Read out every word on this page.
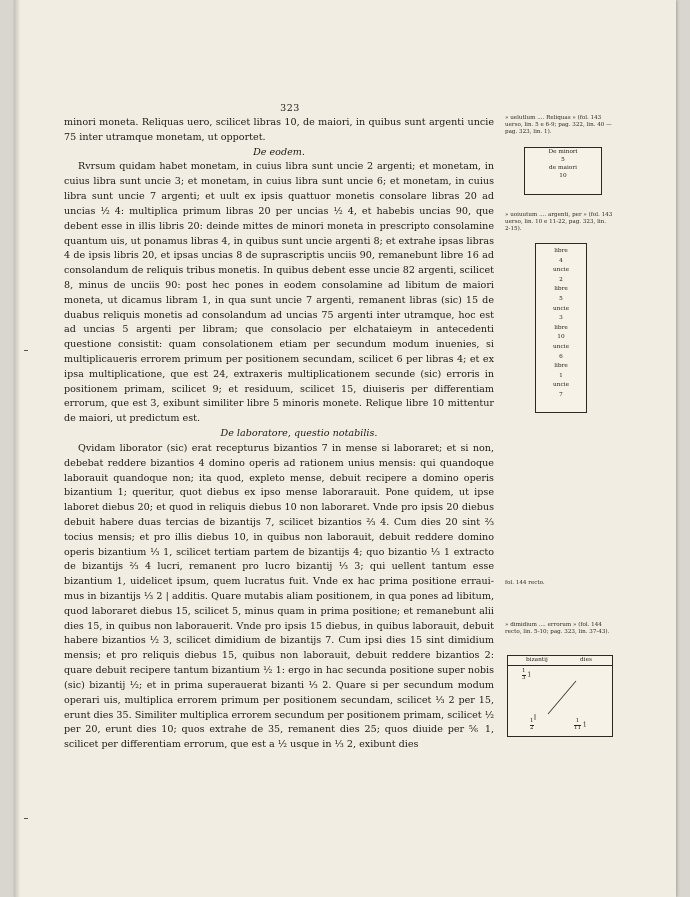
323

minori moneta. Reliquas uero, scilicet libras 10, de maiori, in quibus sunt argenti uncie 75 inter utramque monetam, ut opportet.

De eodem.

Rvrsum quidam habet monetam, in cuius libra sunt uncie 2 argenti; et monetam, in cuius libra sunt uncie 3; et monetam, in cuius libra sunt uncie 6; et monetam, in cuius libra sunt uncie 7 argenti; et uult ex ipsis quattuor monetis consolare libras 20 ad uncias ½ 4: multiplica primum libras 20 per uncias ½ 4, et habebis uncias 90, que debent esse in illis libris 20: deinde mittes de minori moneta in prescripto consolamine quantum uis, ut ponamus libras 4, in quibus sunt uncie argenti 8; et extrahe ipsas libras 4 de ipsis libris 20, et ipsas uncias 8 de suprascriptis unciis 90, remanebunt libre 16 ad consolandum de reliquis tribus monetis. In quibus debent esse uncie 82 argenti, scilicet 8, minus de unciis 90: post hec pones in eodem consolamine ad libitum de maiori moneta, ut dicamus libram 1, in qua sunt uncie 7 argenti, remanent libras (sic) 15 de duabus reliquis monetis ad consolandum ad uncias 75 argenti inter utramque, hoc est ad uncias 5 argenti per libram; que consolacio per elchataieym in antecedenti questione consistit: quam consolationem etiam per secundum modum inuenies, si multiplicaueris errorem primum per positionem secundam, scilicet 6 per libras 4; et ex ipsa multiplicatione, que est 24, extraxeris multiplicationem secunde (sic) erroris in positionem primam, scilicet 9; et residuum, scilicet 15, diuiseris per differentiam errorum, que est 3, exibunt similiter libre 5 minoris monete. Relique libre 10 mittentur de maiori, ut predictum est.

De laboratore, questio notabilis.

Qvidam liborator (sic) erat recepturus bizantios 7 in mense si laboraret; et si non, debebat reddere bizantios 4 domino operis ad rationem unius mensis: qui quandoque laborauit quandoque non; ita quod, expleto mense, debuit recipere a domino operis bizantium 1; queritur, quot diebus ex ipso mense laborarauit. Pone quidem, ut ipse laboret diebus 20; et quod in reliquis diebus 10 non laboraret. Vnde pro ipsis 20 diebus debuit habere duas tercias de bizantijs 7, scilicet bizantios ⅔ 4. Cum dies 20 sint ⅔ tocius mensis; et pro illis diebus 10, in quibus non laborauit, debuit reddere domino operis bizantium ⅓ 1, scilicet tertiam partem de bizantijs 4; quo bizantio ⅓ 1 extracto de bizantijs ⅔ 4 lucri, remanent pro lucro bizantij ⅓ 3; qui uellent tantum esse bizantium 1, uidelicet ipsum, quem lucratus fuit. Vnde ex hac prima positione errauimus in bizantijs ⅓ 2 | additis. Quare mutabis aliam positionem, in qua pones ad libitum, quod laboraret diebus 15, scilicet 5, minus quam in prima positione; et remanebunt alii dies 15, in quibus non laborauerit. Vnde pro ipsis 15 diebus, in quibus laborauit, debuit habere bizantios ½ 3, scilicet dimidium de bizantijs 7. Cum ipsi dies 15 sint dimidium mensis; et pro reliquis diebus 15, quibus non laborauit, debuit reddere bizantios 2: quare debuit recipere tantum bizantium ½ 1: ergo in hac secunda positione super nobis (sic) bizantij ½; et in prima superauerat bizanti ⅓ 2. Quare si per secundum modum operari uis, multiplica errorem primum per positionem secundam, scilicet ⅓ 2 per 15, erunt dies 35. Similiter multiplica errorem secundum per positionem primam, scilicet ½ per 20, erunt dies 10; quos extrahe de 35, remanent dies 25; quos diuide per ⅚ 1, scilicet per differentiam errorum, que est a ½ usque in ⅓ 2, exibunt dies

» uelutlum .... Reliquas » (fol. 143 uerso, lin. 5 e 6-9; pag. 322, lin. 40 — pag. 323, lin. 1).
De minori
5
de maiori
10
» uoiuutum .... argenti, per » (fol. 143 uerso, lin. 10 e 11-22, pag. 323, lin. 2-15).
libre
4
uncie
2
libre
5
uncie
3
libre
10
uncie
6
libre
1
uncie
7
fol. 144 recto.
» dimidium .... errorum » (fol. 144 recto, lin. 5-10; pag. 323, lin. 37-43).
bizantij	dies
$\frac{1}{3} 1$
$\frac{1}{2}$	$\frac{1}{11} 1$
